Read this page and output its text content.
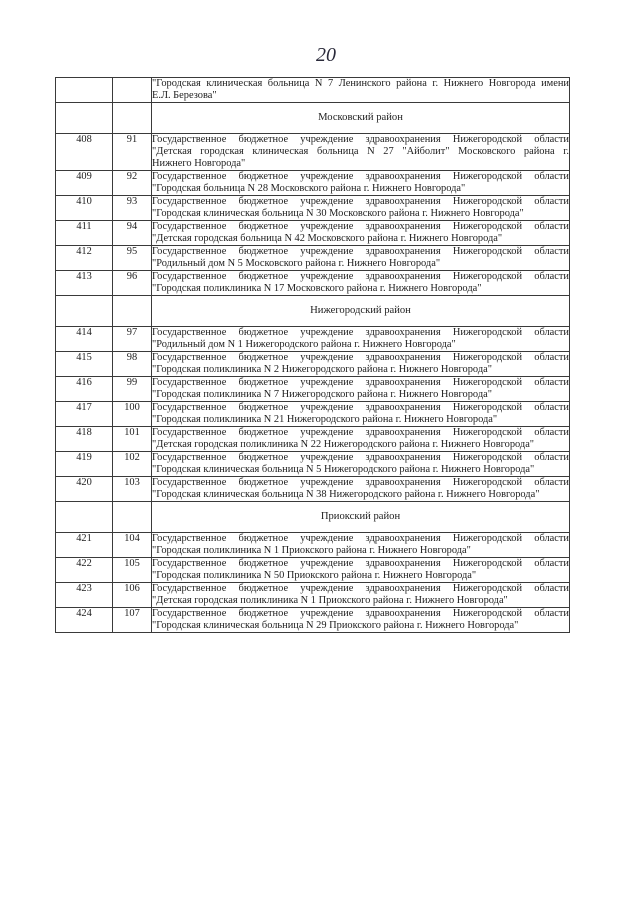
20

		"Городская клиническая больница N 7 Ленинского района г. Нижнего Новгорода имени
Е.Л. Березова"

		Московский район
408	91	Государственное бюджетное учреждение здравоохранения Нижегородской области
"Детская городская клиническая больница N 27 "Айболит" Московского района г.
Нижнего Новгорода"

409	92	Государственное бюджетное учреждение здравоохранения Нижегородской области
"Городская больница N 28 Московского района г. Нижнего Новгорода"

410	93	Государственное бюджетное учреждение здравоохранения Нижегородской области
"Городская клиническая больница N 30 Московского района г. Нижнего Новгорода"

411	94	Государственное бюджетное учреждение здравоохранения Нижегородской области
"Детская городская больница N 42 Московского района г. Нижнего Новгорода"

412	95	Государственное бюджетное учреждение здравоохранения Нижегородской области
"Родильный дом N 5 Московского района г. Нижнего Новгорода"

413	96	Государственное бюджетное учреждение здравоохранения Нижегородской области
"Городская поликлиника N 17 Московского района г. Нижнего Новгорода"

		Нижегородский район
414	97	Государственное бюджетное учреждение здравоохранения Нижегородской области
"Родильный дом N 1 Нижегородского района г. Нижнего Новгорода"

415	98	Государственное бюджетное учреждение здравоохранения Нижегородской области
"Городская поликлиника N 2 Нижегородского района г. Нижнего Новгорода"

416	99	Государственное бюджетное учреждение здравоохранения Нижегородской области
"Городская поликлиника N 7 Нижегородского района г. Нижнего Новгорода"

417	100	Государственное бюджетное учреждение здравоохранения Нижегородской области
"Городская поликлиника N 21 Нижегородского района г. Нижнего Новгорода"

418	101	Государственное бюджетное учреждение здравоохранения Нижегородской области
"Детская городская поликлиника N 22 Нижегородского района г. Нижнего Новгорода"

419	102	Государственное бюджетное учреждение здравоохранения Нижегородской области
"Городская клиническая больница N 5 Нижегородского района г. Нижнего Новгорода"

420	103	Государственное бюджетное учреждение здравоохранения Нижегородской области
"Городская клиническая больница N 38 Нижегородского района г. Нижнего Новгорода"

		Приокский район
421	104	Государственное бюджетное учреждение здравоохранения Нижегородской области
"Городская поликлиника N 1 Приокского района г. Нижнего Новгорода"

422	105	Государственное бюджетное учреждение здравоохранения Нижегородской области
"Городская поликлиника N 50 Приокского района г. Нижнего Новгорода"

423	106	Государственное бюджетное учреждение здравоохранения Нижегородской области
"Детская городская поликлиника N 1 Приокского района г. Нижнего Новгорода"

424	107	Государственное бюджетное учреждение здравоохранения Нижегородской области
"Городская клиническая больница N 29 Приокского района г. Нижнего Новгорода"
